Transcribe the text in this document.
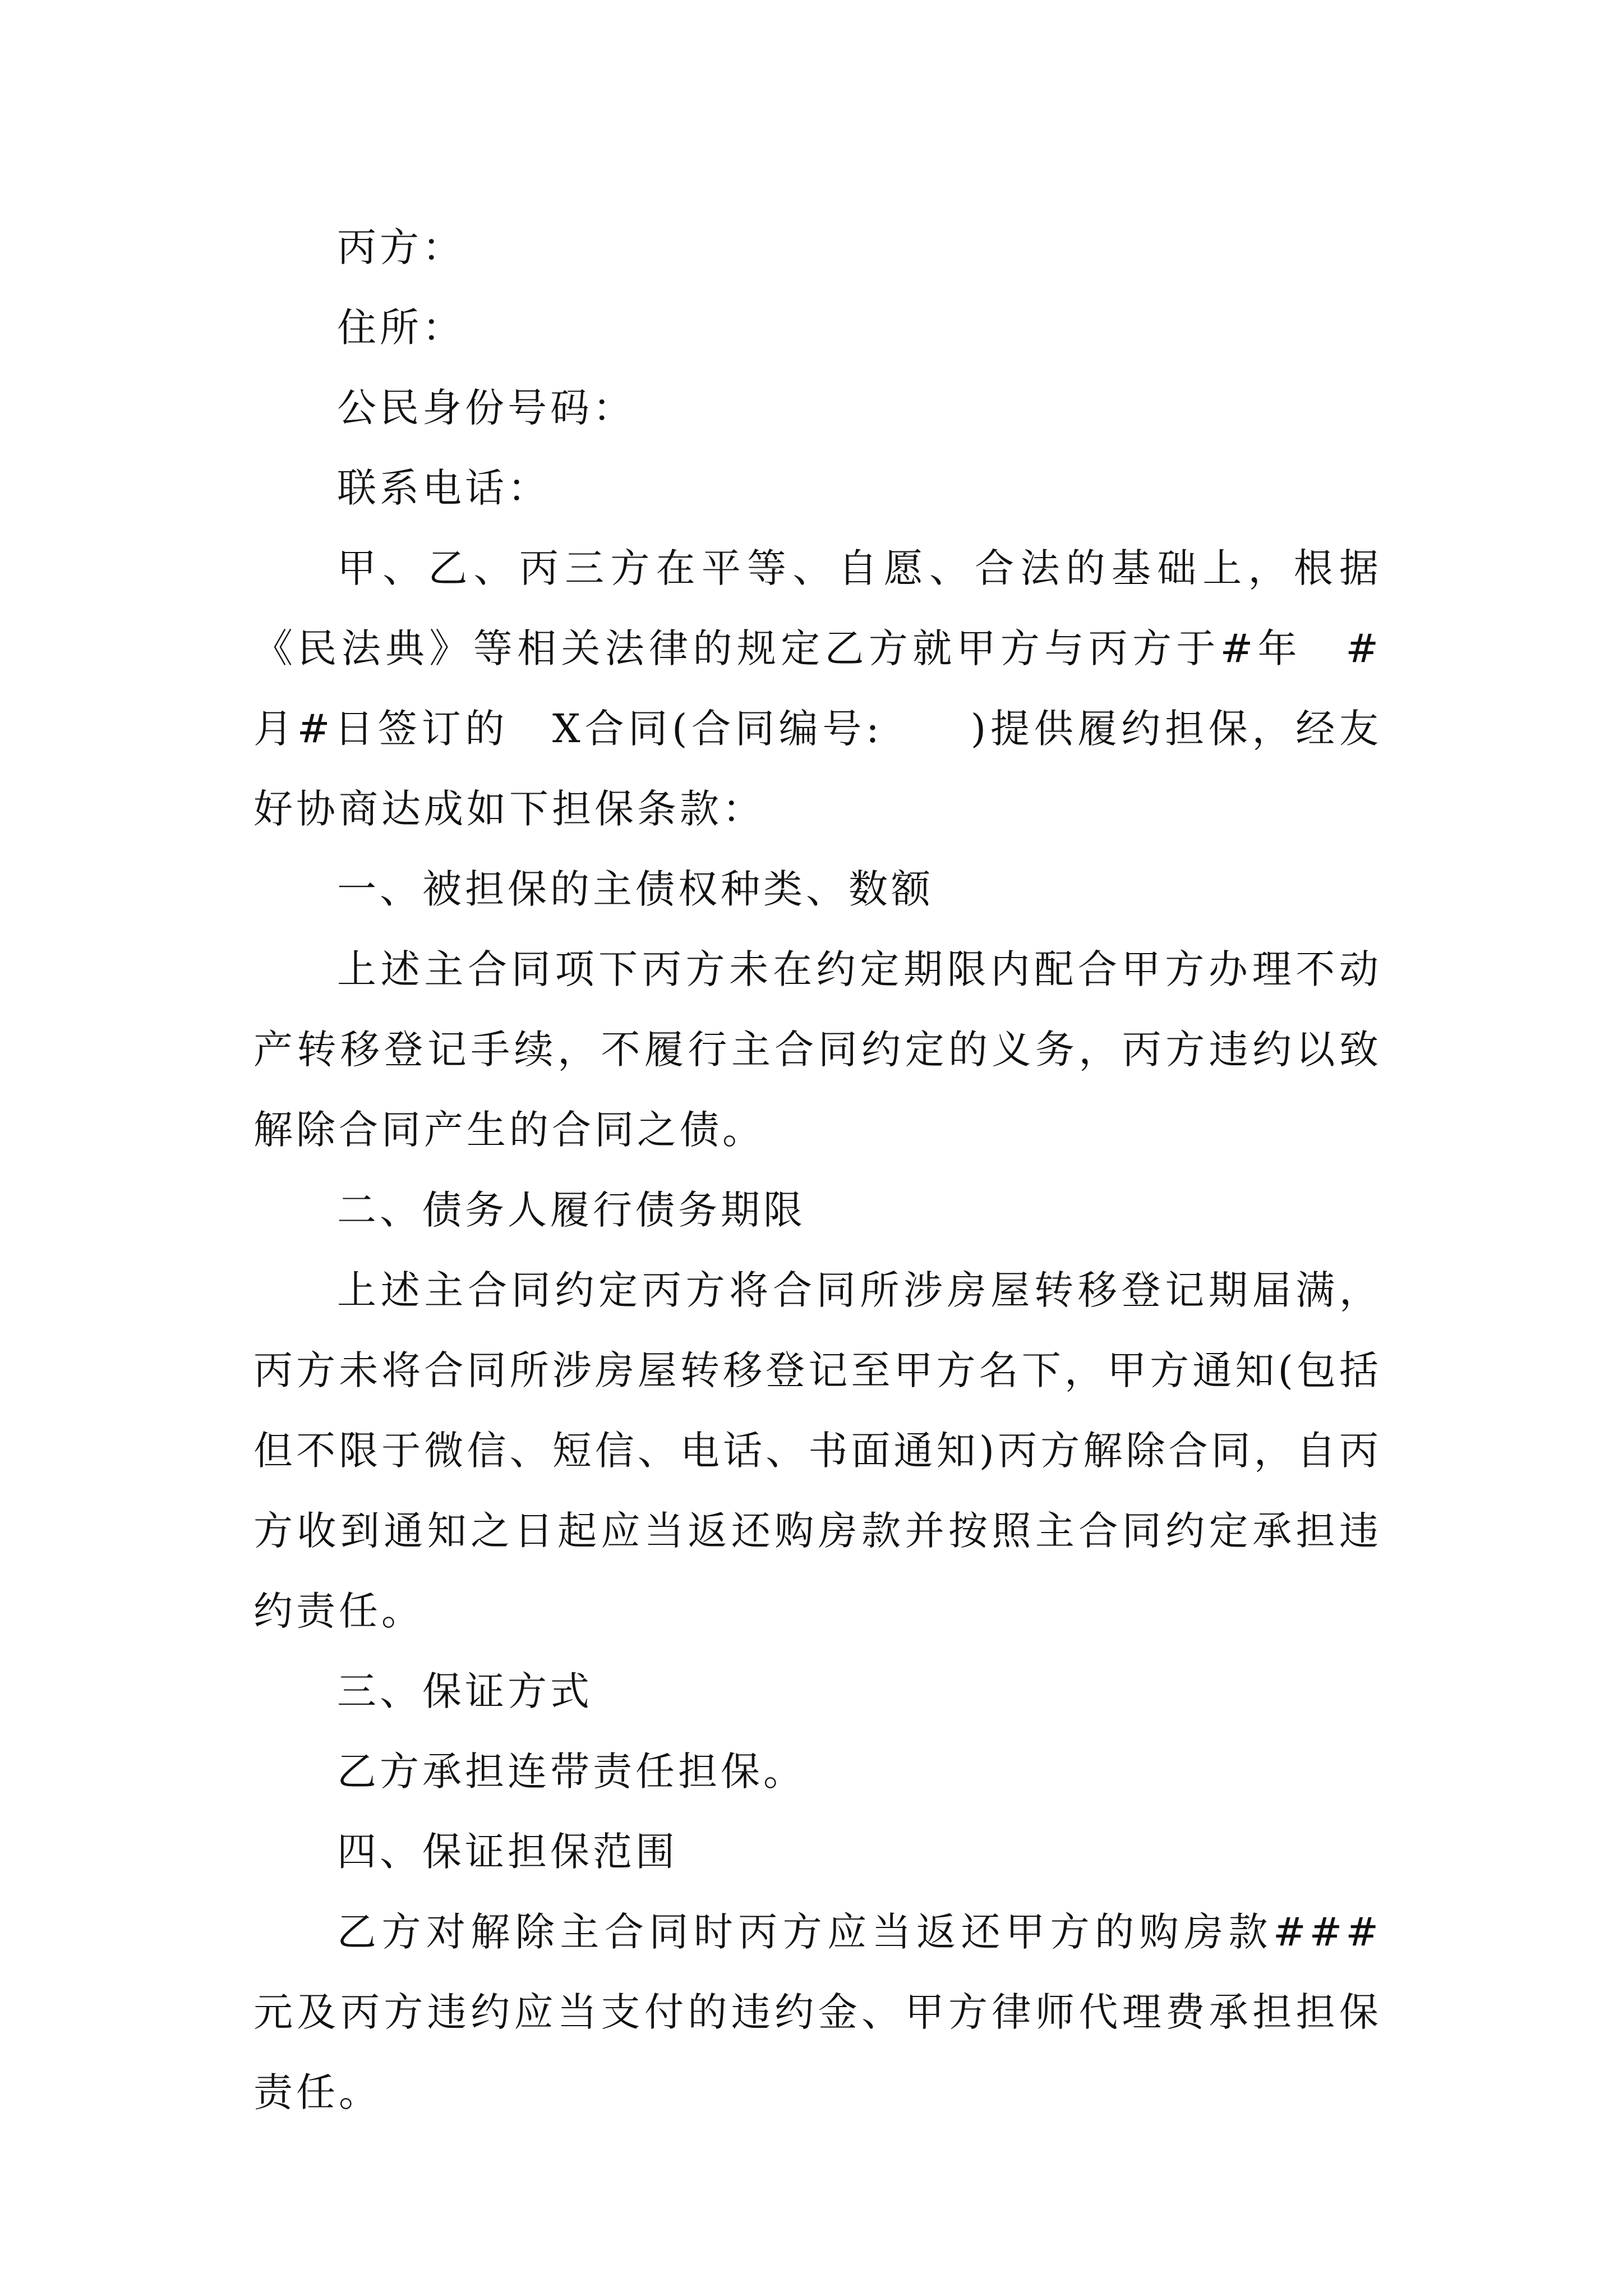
丙方：

住所：

公民身份号码：

联系电话：

甲、乙、丙三方在平等、自愿、合法的基础上，根据《民法典》等相关法律的规定乙方就甲方与丙方于#年　#月#日签订的　X合同(合同编号:　　)提供履约担保，经友好协商达成如下担保条款：

一、被担保的主债权种类、数额

上述主合同项下丙方未在约定期限内配合甲方办理不动产转移登记手续，不履行主合同约定的义务，丙方违约以致解除合同产生的合同之债。

二、债务人履行债务期限

上述主合同约定丙方将合同所涉房屋转移登记期届满，丙方未将合同所涉房屋转移登记至甲方名下，甲方通知(包括但不限于微信、短信、电话、书面通知)丙方解除合同，自丙方收到通知之日起应当返还购房款并按照主合同约定承担违约责任。

三、保证方式

乙方承担连带责任担保。

四、保证担保范围

乙方对解除主合同时丙方应当返还甲方的购房款###元及丙方违约应当支付的违约金、甲方律师代理费承担担保责任。
